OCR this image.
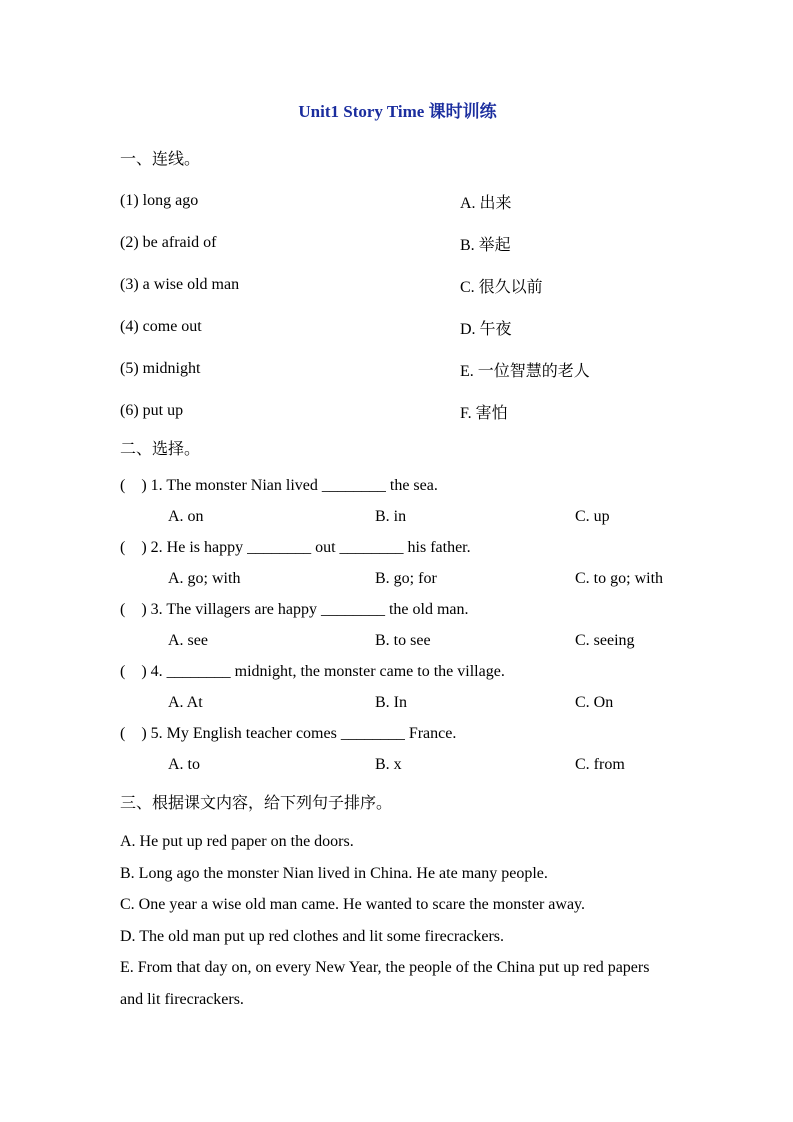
Unit1 Story Time 课时训练

一、连线。

(1) long ago	A. 出来
(2) be afraid of	B. 举起
(3) a wise old man	C. 很久以前
(4) come out	D. 午夜
(5) midnight	E. 一位智慧的老人
(6) put up	F. 害怕

二、选择。

(　) 1. The monster Nian lived ________ the sea.

A. on	B. in	C. up

(　) 2. He is happy ________ out ________ his father.

A. go; with	B. go; for	C. to go; with

(　) 3. The villagers are happy ________ the old man.

A. see	B. to see	C. seeing

(　) 4. ________ midnight, the monster came to the village.

A. At	B. In	C. On

(　) 5. My English teacher comes ________ France.

A. to	B. x	C. from

三、根据课文内容，给下列句子排序。

A. He put up red paper on the doors.

B. Long ago the monster Nian lived in China. He ate many people.

C. One year a wise old man came. He wanted to scare the monster away.

D. The old man put up red clothes and lit some firecrackers.

E. From that day on, on every New Year, the people of the China put up red papers and lit firecrackers.
